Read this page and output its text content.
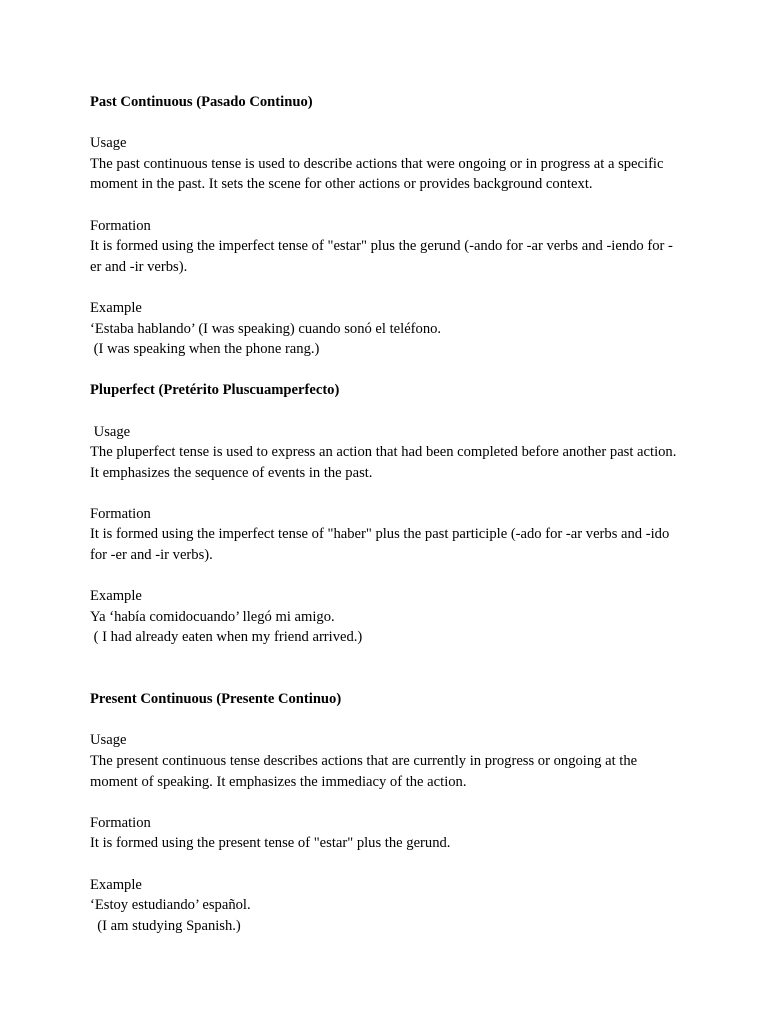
Past Continuous (Pasado Continuo)

Usage

The past continuous tense is used to describe actions that were ongoing or in progress at a specific moment in the past. It sets the scene for other actions or provides background context.

Formation

It is formed using the imperfect tense of "estar" plus the gerund (-ando for -ar verbs and -iendo for -er and -ir verbs).

Example

‘Estaba hablando’ (I was speaking) cuando sonó el teléfono.

(I was speaking when the phone rang.)

Pluperfect (Pretérito Pluscuamperfecto)

Usage

The pluperfect tense is used to express an action that had been completed before another past action. It emphasizes the sequence of events in the past.

Formation

It is formed using the imperfect tense of "haber" plus the past participle (-ado for -ar verbs and -ido for -er and -ir verbs).

Example

Ya ‘había comidocuando’ llegó mi amigo.

( I had already eaten when my friend arrived.)

Present Continuous (Presente Continuo)

Usage

The present continuous tense describes actions that are currently in progress or ongoing at the moment of speaking. It emphasizes the immediacy of the action.

Formation

It is formed using the present tense of "estar" plus the gerund.

Example

‘Estoy estudiando’ español.

(I am studying Spanish.)
